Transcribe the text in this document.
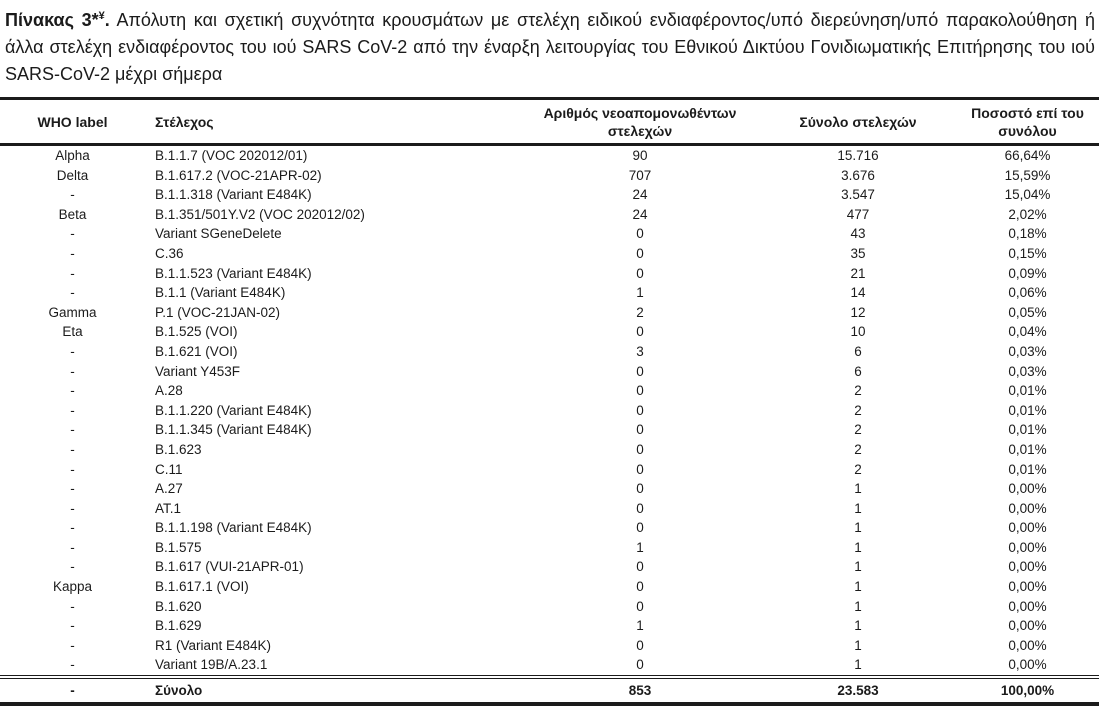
Πίνακας 3*¥. Απόλυτη και σχετική συχνότητα κρουσμάτων με στελέχη ειδικού ενδιαφέροντος/υπό διερεύνηση/υπό παρακολούθηση ή άλλα στελέχη ενδιαφέροντος του ιού SARS CoV-2 από την έναρξη λειτουργίας του Εθνικού Δικτύου Γονιδιωματικής Επιτήρησης του ιού SARS-CoV-2 μέχρι σήμερα

WHO label	Στέλεχος	Αριθμός νεοαπομονωθέντων στελεχών	Σύνολο στελεχών	Ποσοστό επί του συνόλου
Alpha	B.1.1.7 (VOC 202012/01)	90	15.716	66,64%
Delta	B.1.617.2 (VOC-21APR-02)	707	3.676	15,59%
-	B.1.1.318 (Variant E484K)	24	3.547	15,04%
Beta	B.1.351/501Y.V2 (VOC 202012/02)	24	477	2,02%
-	Variant SGeneDelete	0	43	0,18%
-	C.36	0	35	0,15%
-	B.1.1.523 (Variant E484K)	0	21	0,09%
-	B.1.1 (Variant E484K)	1	14	0,06%
Gamma	P.1 (VOC-21JAN-02)	2	12	0,05%
Eta	B.1.525 (VOI)	0	10	0,04%
-	B.1.621 (VOI)	3	6	0,03%
-	Variant Y453F	0	6	0,03%
-	A.28	0	2	0,01%
-	B.1.1.220 (Variant E484K)	0	2	0,01%
-	B.1.1.345 (Variant E484K)	0	2	0,01%
-	B.1.623	0	2	0,01%
-	C.11	0	2	0,01%
-	A.27	0	1	0,00%
-	AT.1	0	1	0,00%
-	B.1.1.198 (Variant E484K)	0	1	0,00%
-	B.1.575	1	1	0,00%
-	B.1.617 (VUI-21APR-01)	0	1	0,00%
Kappa	B.1.617.1 (VOI)	0	1	0,00%
-	B.1.620	0	1	0,00%
-	B.1.629	1	1	0,00%
-	R1 (Variant E484K)	0	1	0,00%
-	Variant 19B/A.23.1	0	1	0,00%
-	Σύνολο	853	23.583	100,00%
